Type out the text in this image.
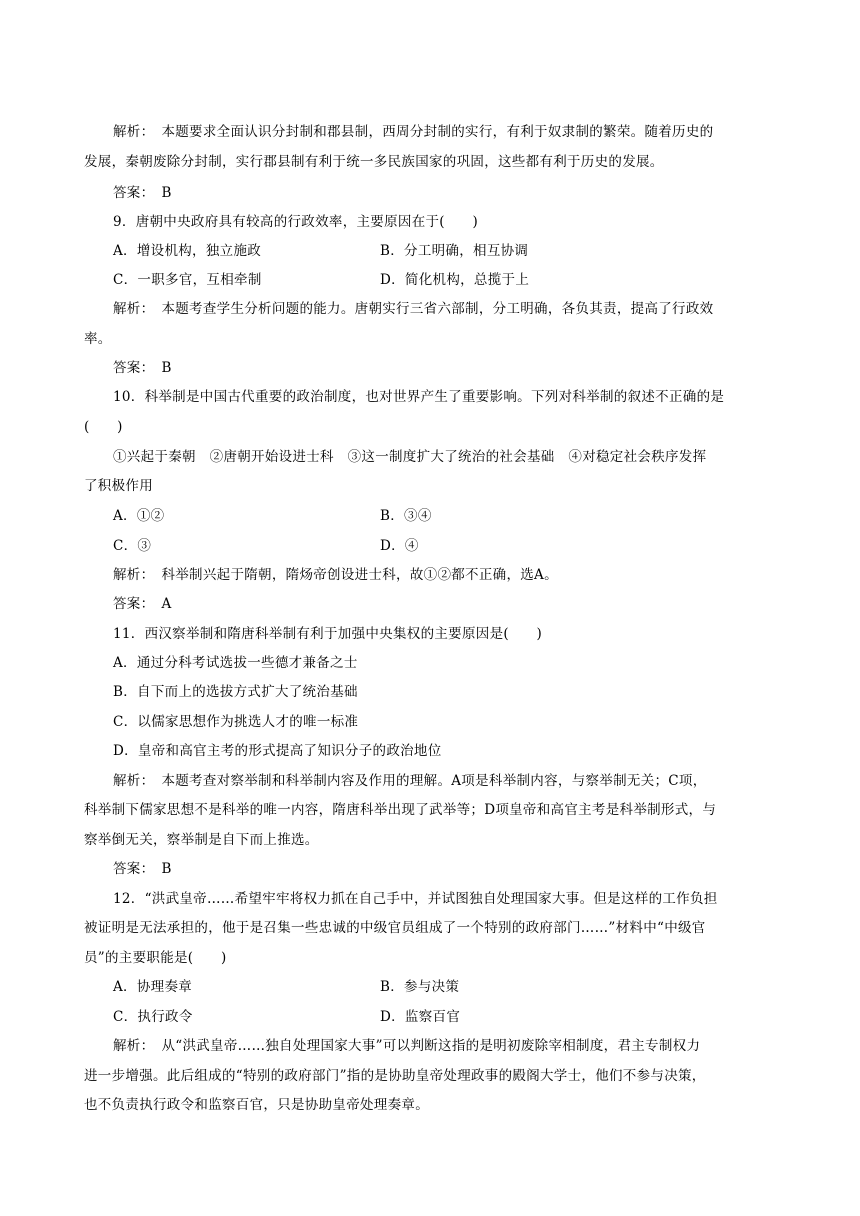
解析：　本题要求全面认识分封制和郡县制，西周分封制的实行，有利于奴隶制的繁荣。随着历史的
发展，秦朝废除分封制，实行郡县制有利于统一多民族国家的巩固，这些都有利于历史的发展。
答案：　B
9．唐朝中央政府具有较高的行政效率，主要原因在于(　　)
A．增设机构，独立施政	B．分工明确，相互协调
C．一职多官，互相牵制	D．简化机构，总揽于上
解析：　本题考查学生分析问题的能力。唐朝实行三省六部制，分工明确，各负其责，提高了行政效
率。
答案：　B
10．科举制是中国古代重要的政治制度，也对世界产生了重要影响。下列对科举制的叙述不正确的是
(　　)
①兴起于秦朝　②唐朝开始设进士科　③这一制度扩大了统治的社会基础　④对稳定社会秩序发挥
了积极作用
A．①②	B．③④
C．③	D．④
解析：　科举制兴起于隋朝，隋炀帝创设进士科，故①②都不正确，选A。
答案：　A
11．西汉察举制和隋唐科举制有利于加强中央集权的主要原因是(　　)
A．通过分科考试选拔一些德才兼备之士
B．自下而上的选拔方式扩大了统治基础
C．以儒家思想作为挑选人才的唯一标准
D．皇帝和高官主考的形式提高了知识分子的政治地位
解析：　本题考查对察举制和科举制内容及作用的理解。A项是科举制内容，与察举制无关；C项，
科举制下儒家思想不是科举的唯一内容，隋唐科举出现了武举等；D项皇帝和高官主考是科举制形式，与
察举倒无关，察举制是自下而上推选。
答案：　B
12．“洪武皇帝……希望牢牢将权力抓在自己手中，并试图独自处理国家大事。但是这样的工作负担
被证明是无法承担的，他于是召集一些忠诚的中级官员组成了一个特别的政府部门……”材料中“中级官
员”的主要职能是(　　)
A．协理奏章	B．参与决策
C．执行政令	D．监察百官
解析：　从“洪武皇帝……独自处理国家大事”可以判断这指的是明初废除宰相制度，君主专制权力
进一步增强。此后组成的“特别的政府部门”指的是协助皇帝处理政事的殿阁大学士，他们不参与决策，
也不负责执行政令和监察百官，只是协助皇帝处理奏章。
